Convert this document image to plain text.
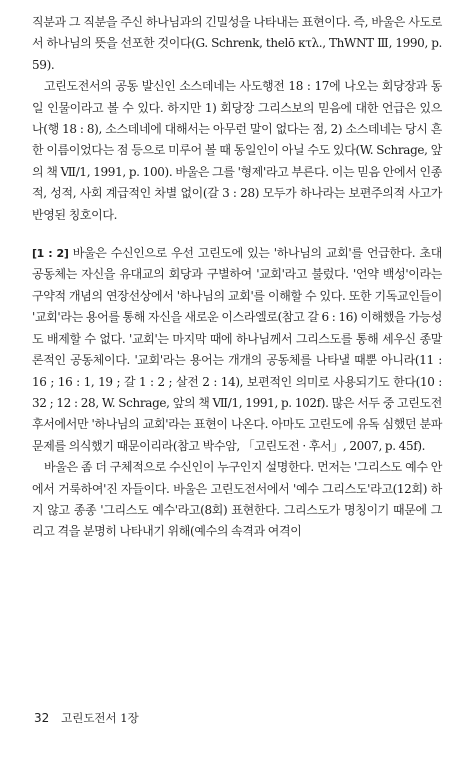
직분과 그 직분을 주신 하나님과의 긴밀성을 나타내는 표현이다. 즉, 바울은 사도로서 하나님의 뜻을 선포한 것이다(G. Schrenk, thelō κτλ., ThWNT Ⅲ, 1990, p. 59).

고린도전서의 공동 발신인 소스데네는 사도행전 18 : 17에 나오는 회당장과 동일 인물이라고 볼 수 있다. 하지만 1) 회당장 그리스보의 믿음에 대한 언급은 있으나(행 18 : 8), 소스데네에 대해서는 아무런 말이 없다는 점, 2) 소스데네는 당시 흔한 이름이었다는 점 등으로 미루어 볼 때 동일인이 아닐 수도 있다(W. Schrage, 앞의 책 Ⅶ/1, 1991, p. 100). 바울은 그를 '형제'라고 부른다. 이는 믿음 안에서 인종적, 성적, 사회 계급적인 차별 없이(갈 3 : 28) 모두가 하나라는 보편주의적 사고가 반영된 칭호이다.

[1 : 2] 바울은 수신인으로 우선 고린도에 있는 '하나님의 교회'를 언급한다. 초대 공동체는 자신을 유대교의 회당과 구별하여 '교회'라고 불렀다. '언약 백성'이라는 구약적 개념의 연장선상에서 '하나님의 교회'를 이해할 수 있다. 또한 기독교인들이 '교회'라는 용어를 통해 자신을 새로운 이스라엘로(참고 갈 6 : 16) 이해했을 가능성도 배제할 수 없다. '교회'는 마지막 때에 하나님께서 그리스도를 통해 세우신 종말론적인 공동체이다. '교회'라는 용어는 개개의 공동체를 나타낼 때뿐 아니라(11 : 16 ; 16 : 1, 19 ; 갈 1 : 2 ; 살전 2 : 14), 보편적인 의미로 사용되기도 한다(10 : 32 ; 12 : 28, W. Schrage, 앞의 책 Ⅶ/1, 1991, p. 102f). 많은 서두 중 고린도전후서에서만 '하나님의 교회'라는 표현이 나온다. 아마도 고린도에 유독 심했던 분파문제를 의식했기 때문이리라(참고 박수암, 「고린도전 · 후서」, 2007, p. 45f).

바울은 좀 더 구체적으로 수신인이 누구인지 설명한다. 먼저는 '그리스도 예수 안에서 거룩하여'진 자들이다. 바울은 고린도전서에서 '예수 그리스도'라고(12회) 하지 않고 종종 '그리스도 예수'라고(8회) 표현한다. 그리스도가 명칭이기 때문에 그리고 격을 분명히 나타내기 위해(예수의 속격과 여격이

32 고린도전서 1장
